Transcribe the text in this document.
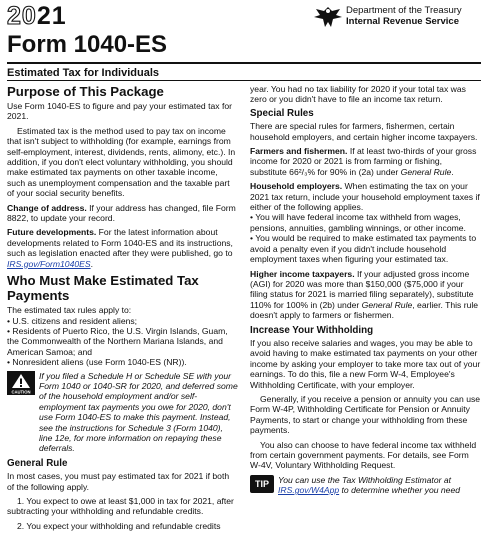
2021
Form 1040-ES
Department of the Treasury
Internal Revenue Service
Estimated Tax for Individuals
Purpose of This Package

Use Form 1040-ES to figure and pay your estimated tax for 2021.

Estimated tax is the method used to pay tax on income that isn't subject to withholding (for example, earnings from self-employment, interest, dividends, rents, alimony, etc.). In addition, if you don't elect voluntary withholding, you should make estimated tax payments on other taxable income, such as unemployment compensation and the taxable part of your social security benefits.

Change of address. If your address has changed, file Form 8822, to update your record.

Future developments. For the latest information about developments related to Form 1040-ES and its instructions, such as legislation enacted after they were published, go to IRS.gov/Form1040ES.

Who Must Make Estimated Tax Payments

The estimated tax rules apply to:

• U.S. citizens and resident aliens;
• Residents of Puerto Rico, the U.S. Virgin Islands, Guam, the Commonwealth of the Northern Mariana Islands, and American Samoa; and
• Nonresident aliens (use Form 1040-ES (NR)).
CAUTION
If you filed a Schedule H or Schedule SE with your Form 1040 or 1040-SR for 2020, and deferred some of the household employment and/or self-employment tax payments you owe for 2020, don't use Form 1040-ES to make this payment. Instead, see the instructions for Schedule 3 (Form 1040), line 12e, for more information on repaying these deferrals.
General Rule

In most cases, you must pay estimated tax for 2021 if both of the following apply.

1. You expect to owe at least $1,000 in tax for 2021, after subtracting your withholding and refundable credits.

2. You expect your withholding and refundable credits

year. You had no tax liability for 2020 if your total tax was zero or you didn't have to file an income tax return.

Special Rules

There are special rules for farmers, fishermen, certain household employers, and certain higher income taxpayers.

Farmers and fishermen. If at least two-thirds of your gross income for 2020 or 2021 is from farming or fishing, substitute 66²/₃% for 90% in (2a) under General Rule.

Household employers. When estimating the tax on your 2021 tax return, include your household employment taxes if either of the following applies.

• You will have federal income tax withheld from wages, pensions, annuities, gambling winnings, or other income.

• You would be required to make estimated tax payments to avoid a penalty even if you didn't include household employment taxes when figuring your estimated tax.

Higher income taxpayers. If your adjusted gross income (AGI) for 2020 was more than $150,000 ($75,000 if your filing status for 2021 is married filing separately), substitute 110% for 100% in (2b) under General Rule, earlier. This rule doesn't apply to farmers or fishermen.

Increase Your Withholding

If you also receive salaries and wages, you may be able to avoid having to make estimated tax payments on your other income by asking your employer to take more tax out of your earnings. To do this, file a new Form W-4, Employee's Withholding Certificate, with your employer.

Generally, if you receive a pension or annuity you can use Form W-4P, Withholding Certificate for Pension or Annuity Payments, to start or change your withholding from these payments.

You also can choose to have federal income tax withheld from certain government payments. For details, see Form W-4V, Voluntary Withholding Request.

TIP	You can use the Tax Withholding Estimator at IRS.gov/W4App to determine whether you need
